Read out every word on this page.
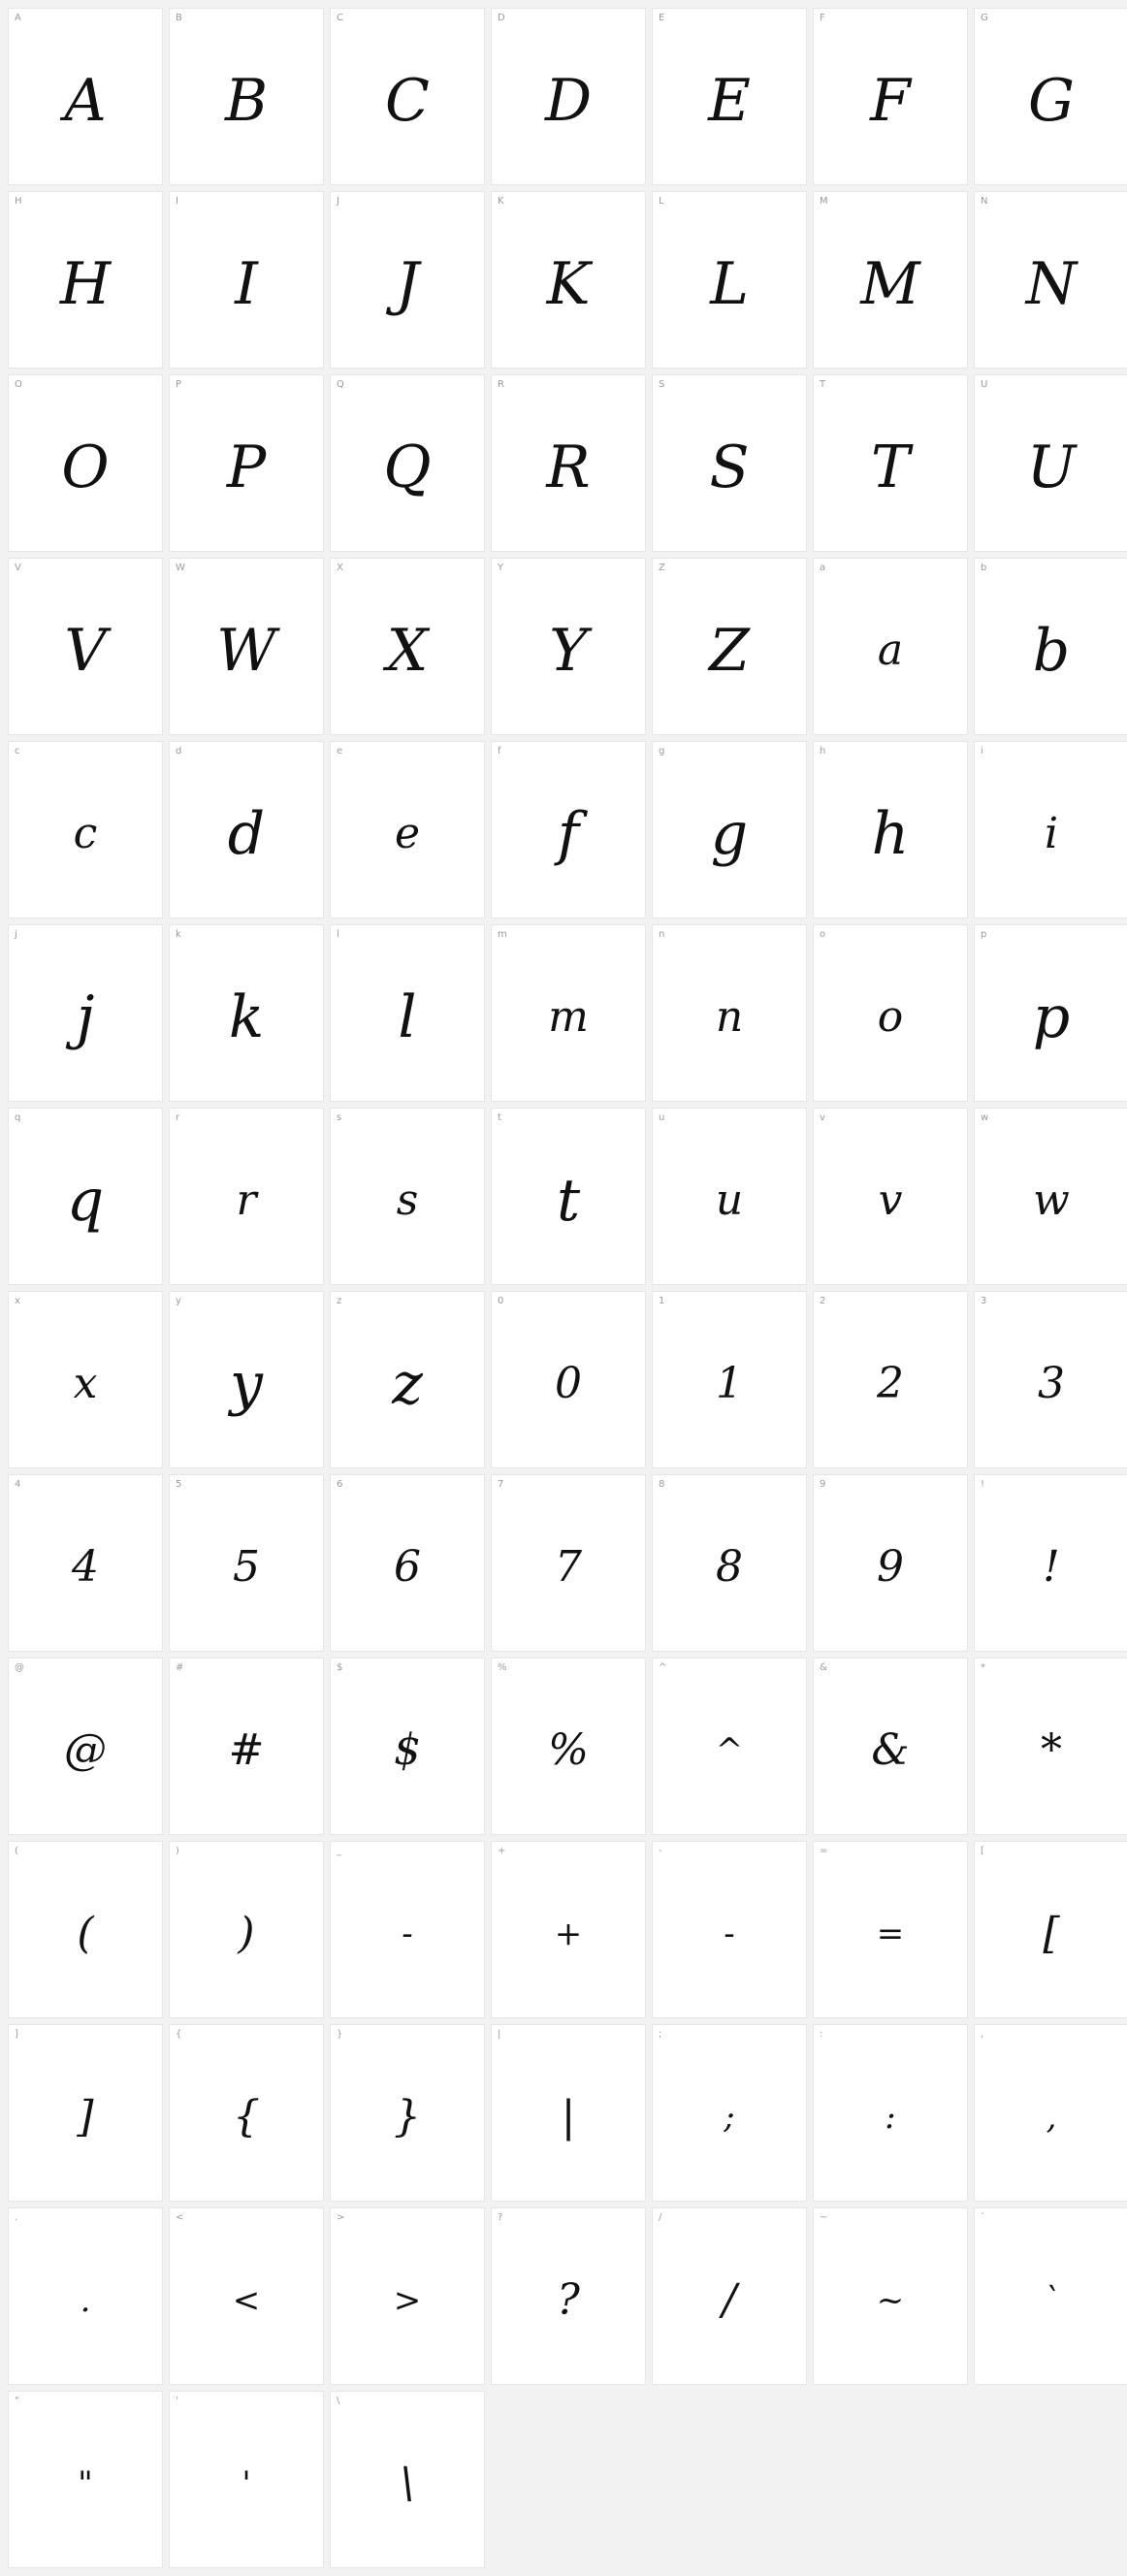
A
A
B
B
C
C
D
D
E
E
F
F
G
G
H
H
I
I
J
J
K
K
L
L
M
M
N
N
O
O
P
P
Q
Q
R
R
S
S
T
T
U
U
V
V
W
W
X
X
Y
Y
Z
Z
a
a
b
b
c
c
d
d
e
e
f
f
g
g
h
h
i
i
j
j
k
k
l
l
m
m
n
n
o
o
p
p
q
q
r
r
s
s
t
t
u
u
v
v
w
w
x
x
y
y
z
z
0
0
1
1
2
2
3
3
4
4
5
5
6
6
7
7
8
8
9
9
!
!
@
@
#
#
$
$
%
%
^
^
&
&
*
*
(
(
)
)
_
-
+
+
-
-
=
=
[
[
]
]
{
{
}
}
|
|
;
;
:
:
,
,
.
.
<
<
>
>
?
?
/
/
~
~
`
`
"
"
'
'
\
\
